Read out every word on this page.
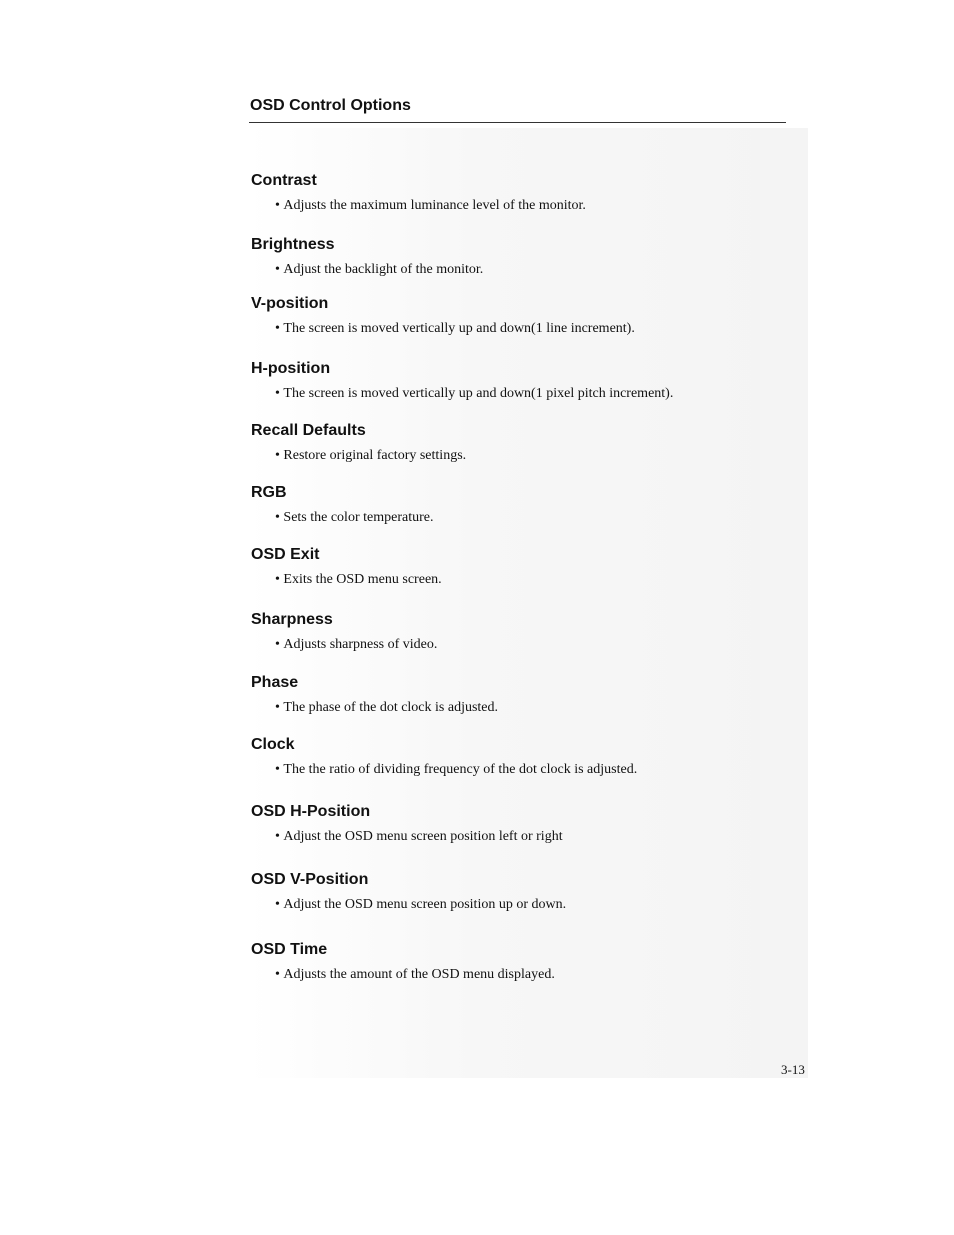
OSD Control Options
Contrast

• Adjusts the maximum luminance level of the monitor.

Brightness

• Adjust the backlight of the monitor.

V-position

• The screen is moved vertically up and down(1 line increment).

H-position

• The screen is moved vertically up and down(1 pixel pitch increment).

Recall Defaults

• Restore original factory settings.

RGB

• Sets the color temperature.

OSD Exit

• Exits the OSD menu screen.

Sharpness

• Adjusts sharpness of video.

Phase

• The phase of the dot clock is adjusted.

Clock

• The the ratio of dividing frequency of the dot clock is adjusted.

OSD H-Position

• Adjust the OSD menu screen position left or right

OSD V-Position

• Adjust the OSD menu screen position up or down.

OSD Time

• Adjusts the amount of the OSD menu displayed.

3-13
